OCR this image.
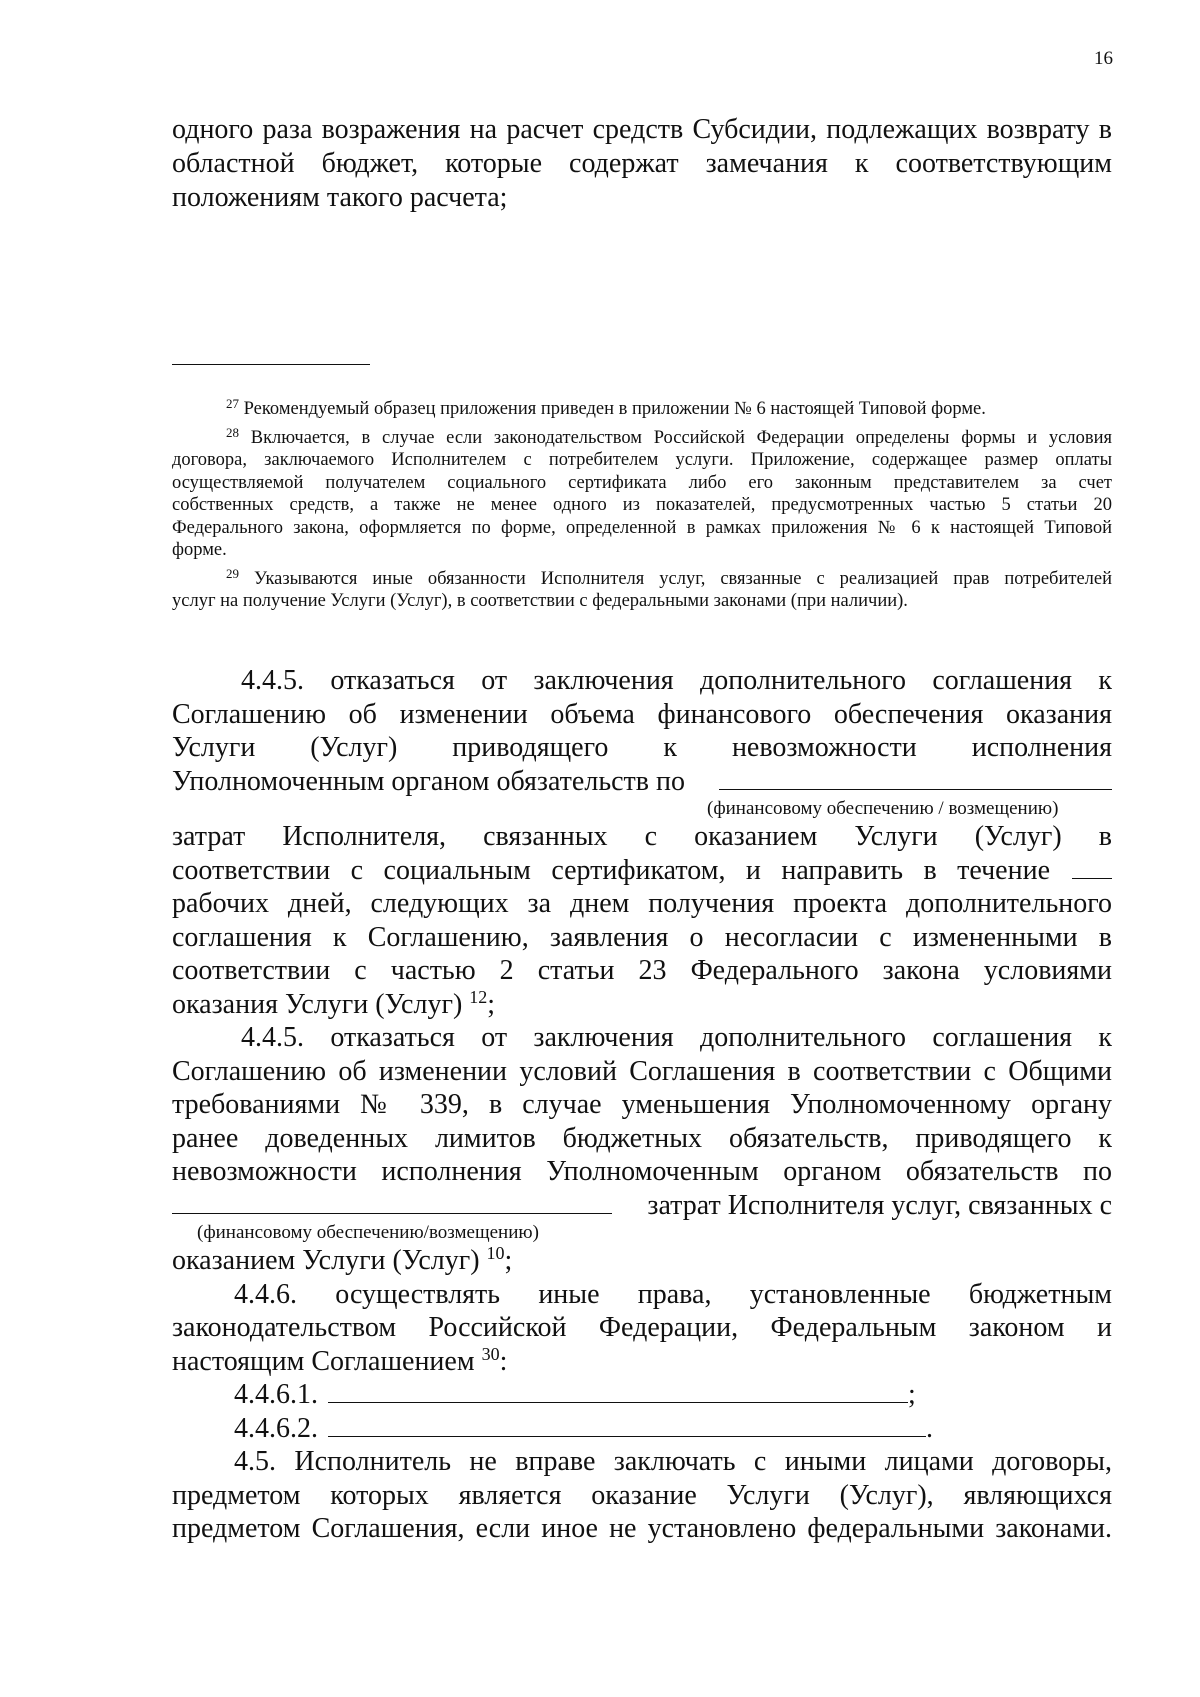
16
одного раза возражения на расчет средств Субсидии, подлежащих возврату в
областной бюджет, которые содержат замечания к соответствующим
положениям такого расчета;
$^{27}$ Рекомендуемый образец приложения приведен в приложении № 6 настоящей Типовой форме.
$^{28}$ Включается, в случае если законодательством Российской Федерации определены формы и условия
договора, заключаемого Исполнителем с потребителем услуги. Приложение, содержащее размер оплаты
осуществляемой получателем социального сертификата либо его законным представителем за счет
собственных средств, а также не менее одного из показателей, предусмотренных частью 5 статьи 20
Федерального закона, оформляется по форме, определенной в рамках приложения № 6 к настоящей Типовой
форме.
$^{29}$ Указываются иные обязанности Исполнителя услуг, связанные с реализацией прав потребителей
услуг на получение Услуги (Услуг), в соответствии с федеральными законами (при наличии).
4.4.5. отказаться от заключения дополнительного соглашения к
Соглашению об изменении объема финансового обеспечения оказания
Услуги (Услуг) приводящего к невозможности исполнения
Уполномоченным органом обязательств по
(финансовому обеспечению / возмещению)
затрат Исполнителя, связанных с оказанием Услуги (Услуг) в
соответствии с социальным сертификатом, и направить в течение
рабочих дней, следующих за днем получения проекта дополнительного
соглашения к Соглашению, заявления о несогласии с измененными в
соответствии с частью 2 статьи 23 Федерального закона условиями
оказания Услуги (Услуг) $^{12}$;
4.4.5. отказаться от заключения дополнительного соглашения к
Соглашению об изменении условий Соглашения в соответствии с Общими
требованиями № 339, в случае уменьшения Уполномоченному органу
ранее доведенных лимитов бюджетных обязательств, приводящего к
невозможности исполнения Уполномоченным органом обязательств по
затрат Исполнителя услуг, связанных с
(финансовому обеспечению/возмещению)
оказанием Услуги (Услуг) $^{10}$;
4.4.6. осуществлять иные права, установленные бюджетным
законодательством Российской Федерации, Федеральным законом и
настоящим Соглашением $^{30}$:
4.4.6.1.	;
4.4.6.2.	.
4.5. Исполнитель не вправе заключать с иными лицами договоры,
предметом которых является оказание Услуги (Услуг), являющихся
предметом Соглашения, если иное не установлено федеральными законами.
